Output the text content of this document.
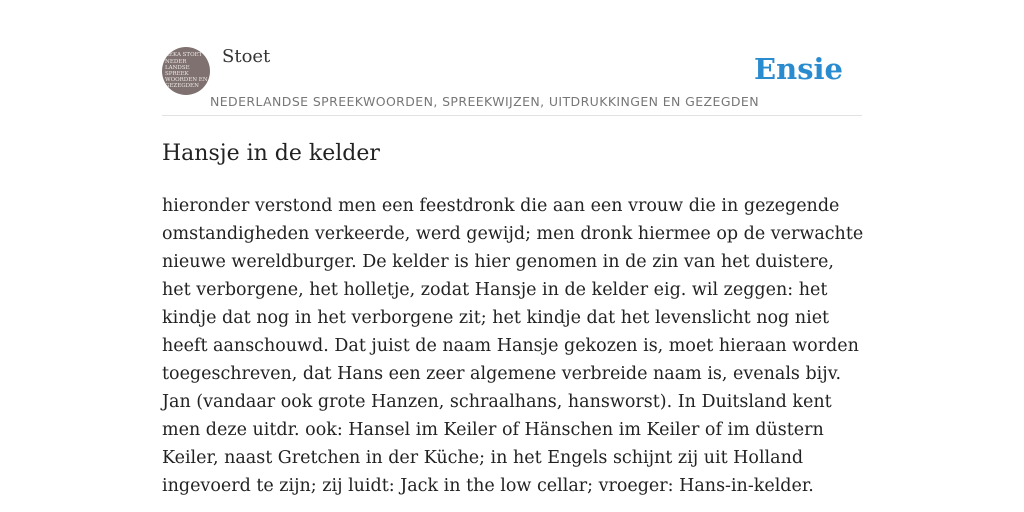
BEKA STOET
NEDER
LANDSE
SPREEK
WOORDEN EN
GEZEGDEN
Stoet
NEDERLANDSE SPREEKWOORDEN, SPREEKWIJZEN, UITDRUKKINGEN EN GEZEGDEN
Ensie
Hansje in de kelder

hieronder verstond men een feestdronk die aan een vrouw die in gezegende omstandigheden verkeerde, werd gewijd; men dronk hiermee op de verwachte nieuwe wereldburger. De kelder is hier genomen in de zin van het duistere, het verborgene, het holletje, zodat Hansje in de kelder eig. wil zeggen: het kindje dat nog in het verborgene zit; het kindje dat het levenslicht nog niet heeft aanschouwd. Dat juist de naam Hansje gekozen is, moet hieraan worden toegeschreven, dat Hans een zeer algemene verbreide naam is, evenals bijv. Jan (vandaar ook grote Hanzen, schraalhans, hansworst). In Duitsland kent men deze uitdr. ook: Hansel im Keiler of Hänschen im Keiler of im düstern Keiler, naast Gretchen in der Küche; in het Engels schijnt zij uit Holland ingevoerd te zijn; zij luidt: Jack in the low cellar; vroeger: Hans-in-kelder.
